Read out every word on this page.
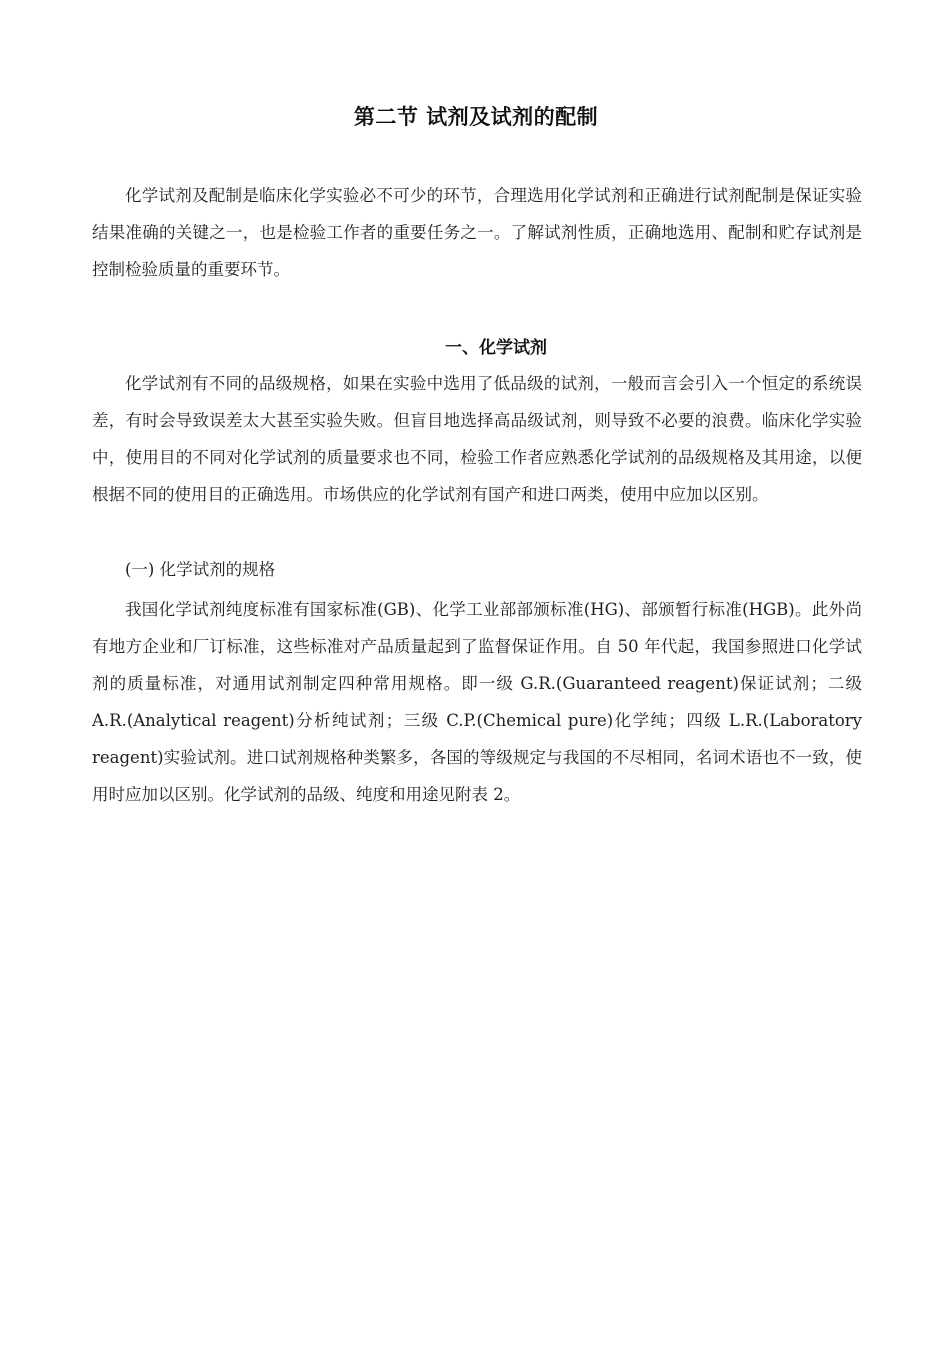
第二节 试剂及试剂的配制

化学试剂及配制是临床化学实验必不可少的环节，合理选用化学试剂和正确进行试剂配制是保证实验结果准确的关键之一，也是检验工作者的重要任务之一。了解试剂性质，正确地选用、配制和贮存试剂是控制检验质量的重要环节。

一、化学试剂

化学试剂有不同的品级规格，如果在实验中选用了低品级的试剂，一般而言会引入一个恒定的系统误差，有时会导致误差太大甚至实验失败。但盲目地选择高品级试剂，则导致不必要的浪费。临床化学实验中，使用目的不同对化学试剂的质量要求也不同，检验工作者应熟悉化学试剂的品级规格及其用途，以便根据不同的使用目的正确选用。市场供应的化学试剂有国产和进口两类，使用中应加以区别。

(一) 化学试剂的规格

我国化学试剂纯度标准有国家标准(GB)、化学工业部部颁标准(HG)、部颁暂行标准(HGB)。此外尚有地方企业和厂订标准，这些标准对产品质量起到了监督保证作用。自 50 年代起，我国参照进口化学试剂的质量标准，对通用试剂制定四种常用规格。即一级 G.R.(Guaranteed reagent)保证试剂；二级 A.R.(Analytical reagent)分析纯试剂；三级 C.P.(Chemical pure)化学纯；四级 L.R.(Laboratory reagent)实验试剂。进口试剂规格种类繁多，各国的等级规定与我国的不尽相同，名词术语也不一致，使用时应加以区别。化学试剂的品级、纯度和用途见附表 2。
